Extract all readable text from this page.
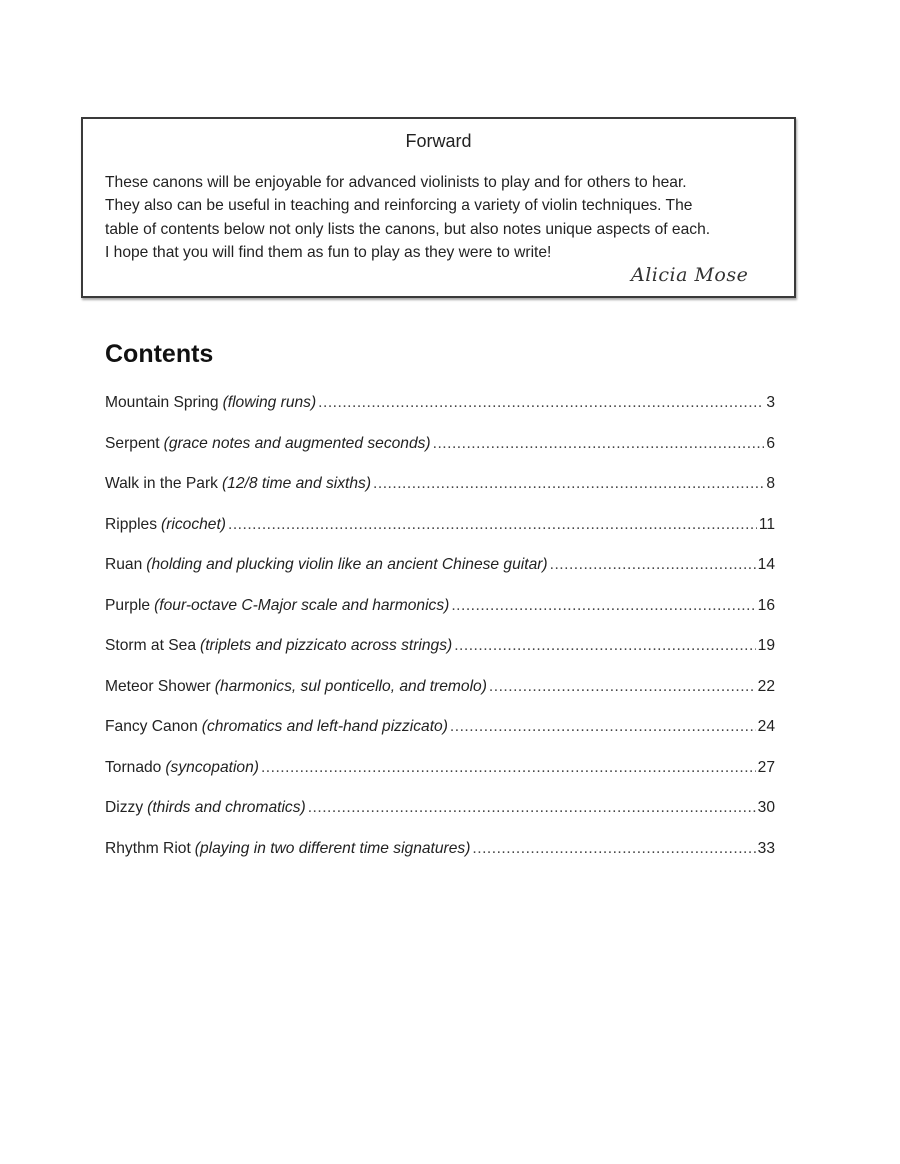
Forward
These canons will be enjoyable for advanced violinists to play and for others to hear.
They also can be useful in teaching and reinforcing a variety of violin techniques. The
table of contents below not only lists the canons, but also notes unique aspects of each.
I hope that you will find them as fun to play as they were to write!
Alicia Mose
Contents
Mountain Spring (flowing runs) .....	3
Serpent (grace notes and augmented seconds) .....	6
Walk in the Park (12/8 time and sixths) .....	8
Ripples (ricochet) .....	11
Ruan (holding and plucking violin like an ancient Chinese guitar) .....	14
Purple (four-octave C-Major scale and harmonics) .....	16
Storm at Sea (triplets and pizzicato across strings) .....	19
Meteor Shower (harmonics, sul ponticello, and tremolo) .....	22
Fancy Canon (chromatics and left-hand pizzicato) .....	24
Tornado (syncopation) .....	27
Dizzy (thirds and chromatics) .....	30
Rhythm Riot (playing in two different time signatures) .....	33
